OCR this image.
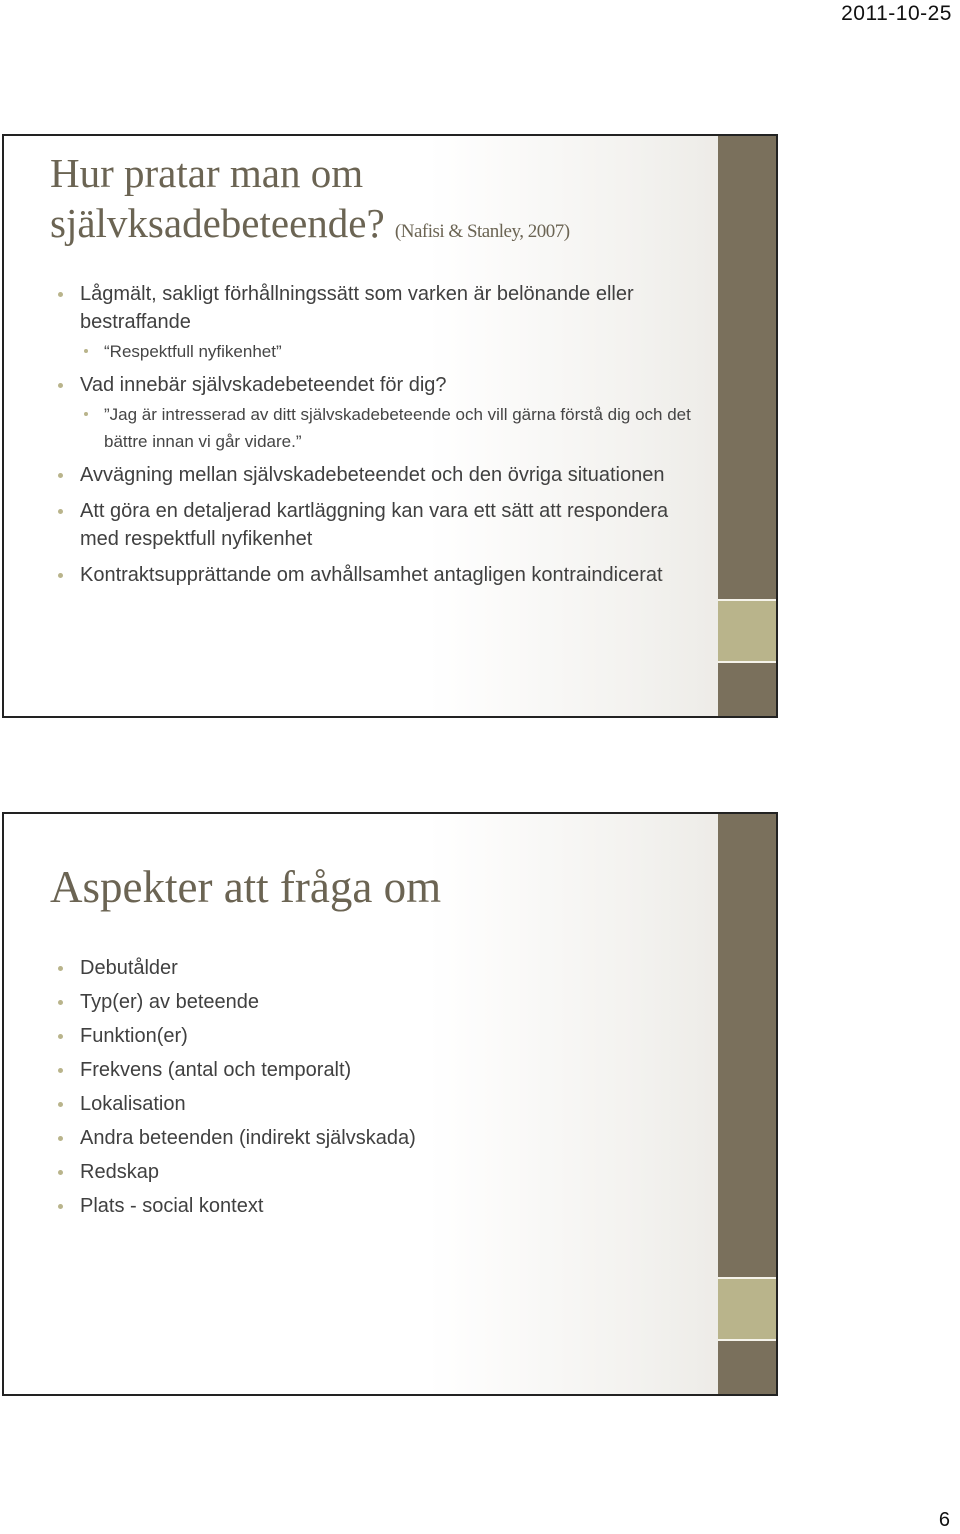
2011-10-25
Hur pratar man om
självksadebeteende? (Nafisi & Stanley, 2007)
Lågmält, sakligt förhållningssätt som varken är belönande eller bestraffande
“Respektfull nyfikenhet”
Vad innebär självskadebeteendet för dig?
”Jag är intresserad av ditt självskadebeteende och vill gärna förstå dig och det bättre innan vi går vidare.”
Avvägning mellan självskadebeteendet och den övriga situationen
Att göra en detaljerad kartläggning kan vara ett sätt att respondera med respektfull nyfikenhet
Kontraktsupprättande om avhållsamhet antagligen kontraindicerat
Aspekter att fråga om
Debutålder
Typ(er) av beteende
Funktion(er)
Frekvens (antal och temporalt)
Lokalisation
Andra beteenden (indirekt självskada)
Redskap
Plats - social kontext
6
